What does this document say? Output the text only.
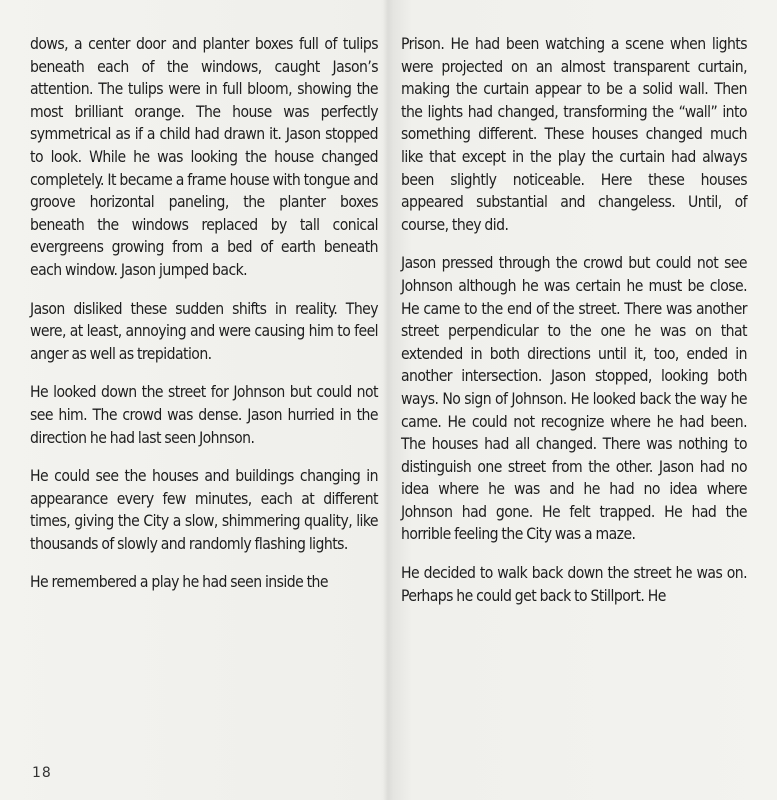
dows, a center door and planter boxes full of tulips beneath each of the windows, caught Jason’s attention. The tulips were in full bloom, showing the most brilliant orange. The house was perfectly symmetrical as if a child had drawn it. Jason stopped to look. While he was looking the house changed completely. It became a frame house with tongue and groove horizontal paneling, the planter boxes beneath the windows replaced by tall conical evergreens growing from a bed of earth beneath each window. Jason jumped back.

Jason disliked these sudden shifts in reality. They were, at least, annoying and were causing him to feel anger as well as trepidation.

He looked down the street for Johnson but could not see him. The crowd was dense. Jason hurried in the direction he had last seen Johnson.

He could see the houses and buildings changing in appearance every few minutes, each at different times, giving the City a slow, shimmering quality, like thousands of slowly and randomly flashing lights.

He remembered a play he had seen inside the

Prison. He had been watching a scene when lights were projected on an almost transparent curtain, making the curtain appear to be a solid wall. Then the lights had changed, transforming the “wall” into something different. These houses changed much like that except in the play the curtain had always been slightly noticeable. Here these houses appeared substantial and changeless. Until, of course, they did.

Jason pressed through the crowd but could not see Johnson although he was certain he must be close. He came to the end of the street. There was another street perpendicular to the one he was on that extended in both directions until it, too, ended in another intersection. Jason stopped, looking both ways. No sign of Johnson. He looked back the way he came. He could not recognize where he had been. The houses had all changed. There was nothing to distinguish one street from the other. Jason had no idea where he was and he had no idea where Johnson had gone. He felt trapped. He had the horrible feeling the City was a maze.

He decided to walk back down the street he was on. Perhaps he could get back to Stillport. He

18
